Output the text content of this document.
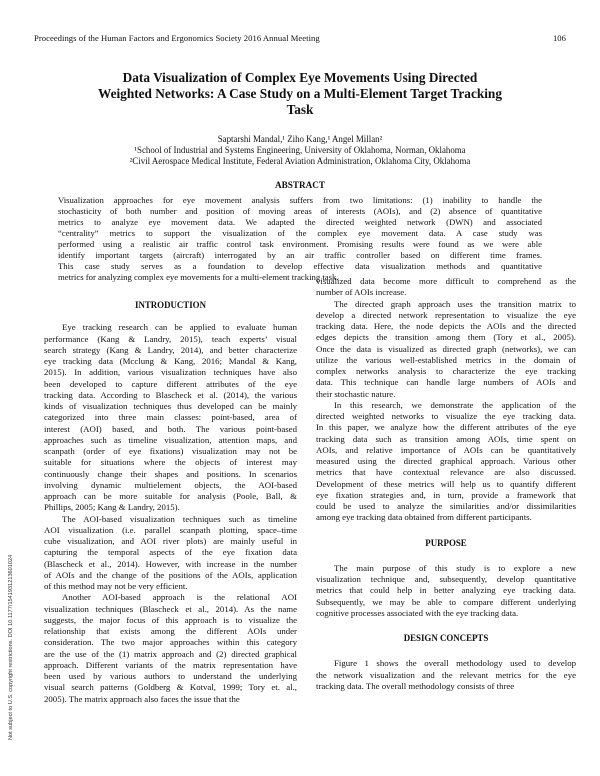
Proceedings of the Human Factors and Ergonomics Society 2016 Annual Meeting	106
Data Visualization of Complex Eye Movements Using Directed
Weighted Networks: A Case Study on a Multi-Element Target Tracking
Task
Saptarshi Mandal,¹ Ziho Kang,¹ Angel Millan²
¹School of Industrial and Systems Engineering, University of Oklahoma, Norman, Oklahoma
²Civil Aerospace Medical Institute, Federal Aviation Administration, Oklahoma City, Oklahoma
ABSTRACT
Visualization approaches for eye movement analysis suffers from two limitations: (1) inability to handle the
stochasticity of both number and position of moving areas of interests (AOIs), and (2) absence of quantitative
metrics to analyze eye movement data. We adapted the directed weighted network (DWN) and associated
“centrality” metrics to support the visualization of the complex eye movement data. A case study was
performed using a realistic air traffic control task environment. Promising results were found as we were able
identify important targets (aircraft) interrogated by an air traffic controller based on different time frames.
This case study serves as a foundation to develop effective data visualization methods and quantitative
metrics for analyzing complex eye movements for a multi-element tracking task.
INTRODUCTION
Eye tracking research can be applied to evaluate human
performance (Kang & Landry, 2015), teach experts’ visual
search strategy (Kang & Landry, 2014), and better characterize
eye tracking data (Mcclung & Kang, 2016; Mandal & Kang,
2015). In addition, various visualization techniques have also
been developed to capture different attributes of the eye
tracking data. According to Blascheck et al. (2014), the various
kinds of visualization techniques thus developed can be mainly
categorized into three main classes: point-based, area of
interest (AOI) based, and both. The various point-based
approaches such as timeline visualization, attention maps, and
scanpath (order of eye fixations) visualization may not be
suitable for situations where the objects of interest may
continuously change their shapes and positions. In scenarios
involving dynamic multielement objects, the AOI-based
approach can be more suitable for analysis (Poole, Ball, &
Phillips, 2005; Kang & Landry, 2015).
The AOI-based visualization techniques such as timeline
AOI visualization (i.e. parallel scanpath plotting, space–time
cube visualization, and AOI river plots) are mainly useful in
capturing the temporal aspects of the eye fixation data
(Blascheck et al., 2014). However, with increase in the number
of AOIs and the change of the positions of the AOIs, application
of this method may not be very efficient.
Another AOI-based approach is the relational AOI
visualization techniques (Blascheck et al., 2014). As the name
suggests, the major focus of this approach is to visualize the
relationship that exists among the different AOIs under
consideration. The two major approaches within this category
are the use of the (1) matrix approach and (2) directed graphical
approach. Different variants of the matrix representation have
been used by various authors to understand the underlying
visual search patterns (Goldberg & Kotval, 1999; Tory et. al.,
2005). The matrix approach also faces the issue that the
visualized data become more difficult to comprehend as the
number of AOIs increase.
The directed graph approach uses the transition matrix to
develop a directed network representation to visualize the eye
tracking data. Here, the node depicts the AOIs and the directed
edges depicts the transition among them (Tory et al., 2005).
Once the data is visualized as directed graph (networks), we can
utilize the various well-established metrics in the domain of
complex networks analysis to characterize the eye tracking
data. This technique can handle large numbers of AOIs and
their stochastic nature.
In this research, we demonstrate the application of the
directed weighted networks to visualize the eye tracking data.
In this paper, we analyze how the different attributes of the eye
tracking data such as transition among AOIs, time spent on
AOIs, and relative importance of AOIs can be quantitatively
measured using the directed graphical approach. Various other
metrics that have contextual relevance are also discussed.
Development of these metrics will help us to quantify different
eye fixation strategies and, in turn, provide a framework that
could be used to analyze the similarities and/or dissimilarities
among eye tracking data obtained from different participants.
PURPOSE
The main purpose of this study is to explore a new
visualization technique and, subsequently, develop quantitative
metrics that could help in better analyzing eye tracking data.
Subsequently, we may be able to compare different underlying
cognitive processes associated with the eye tracking data.
DESIGN CONCEPTS
Figure 1 shows the overall methodology used to develop
the network visualization and the relevant metrics for the eye
tracking data. The overall methodology consists of three
Not subject to U.S. copyright restrictions. DOI 10.1177/1541931213601024
